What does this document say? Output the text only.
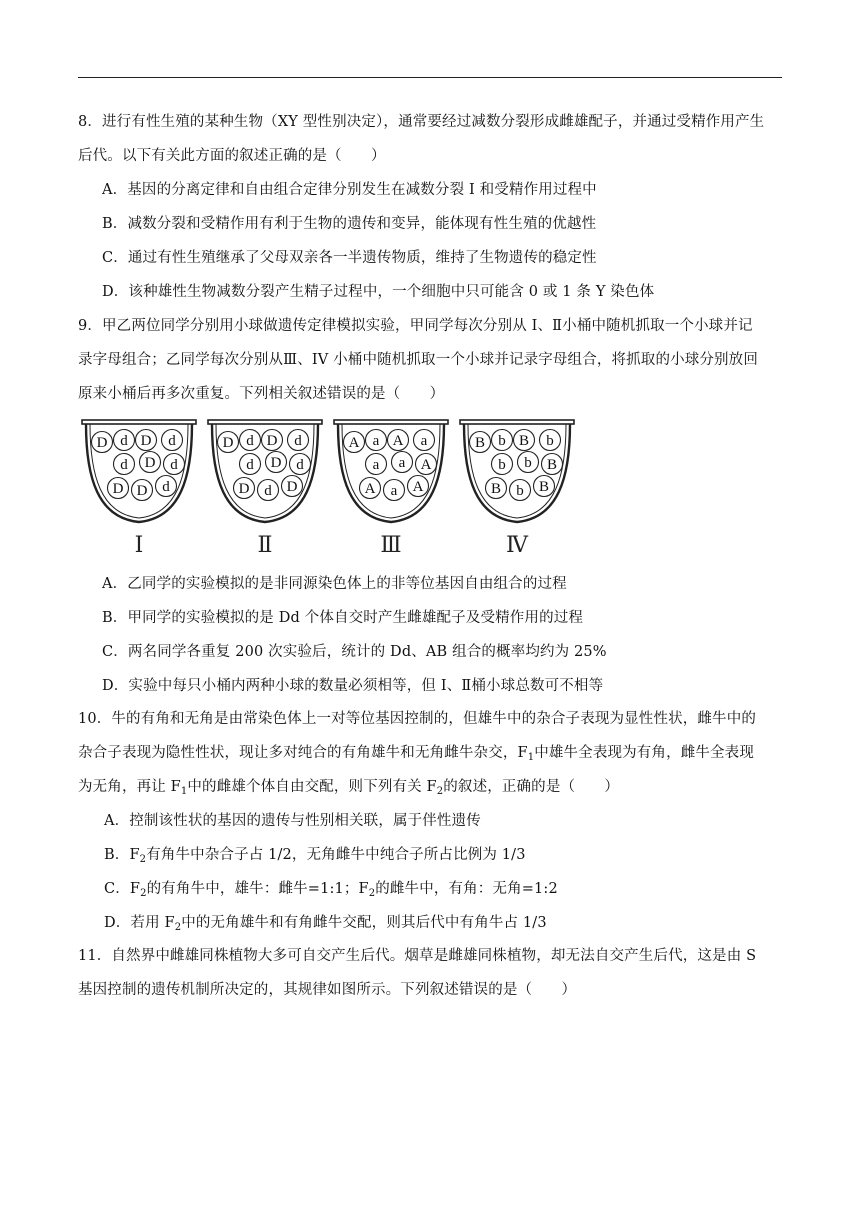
8．进行有性生殖的某种生物（XY 型性别决定），通常要经过减数分裂形成雌雄配子，并通过受精作用产生
后代。以下有关此方面的叙述正确的是（　　）
A．基因的分离定律和自由组合定律分别发生在减数分裂 I 和受精作用过程中
B．减数分裂和受精作用有利于生物的遗传和变异，能体现有性生殖的优越性
C．通过有性生殖继承了父母双亲各一半遗传物质，维持了生物遗传的稳定性
D．该种雄性生物减数分裂产生精子过程中，一个细胞中只可能含 0 或 1 条 Y 染色体
9．甲乙两位同学分别用小球做遗传定律模拟实验，甲同学每次分别从 I、Ⅱ小桶中随机抓取一个小球并记
录字母组合；乙同学每次分别从Ⅲ、IV 小桶中随机抓取一个小球并记录字母组合，将抓取的小球分别放回
原来小桶后再多次重复。下列相关叙述错误的是（　　）
D d D d
d D d
D D d
Ⅰ
D d D d
d D d
D d D
Ⅱ
A a A a
a a A
A a A
Ⅲ
B b B b
b b B
B b B
Ⅳ
A．乙同学的实验模拟的是非同源染色体上的非等位基因自由组合的过程
B．甲同学的实验模拟的是 Dd 个体自交时产生雌雄配子及受精作用的过程
C．两名同学各重复 200 次实验后，统计的 Dd、AB 组合的概率均约为 25%
D．实验中每只小桶内两种小球的数量必须相等，但 I、Ⅱ桶小球总数可不相等
10．牛的有角和无角是由常染色体上一对等位基因控制的，但雄牛中的杂合子表现为显性性状，雌牛中的
杂合子表现为隐性性状，现让多对纯合的有角雄牛和无角雌牛杂交，$F_1$中雄牛全表现为有角，雌牛全表现
为无角，再让 $F_1$中的雌雄个体自由交配，则下列有关 $F_2$的叙述，正确的是（　　）
A．控制该性状的基因的遗传与性别相关联，属于伴性遗传
B．$F_2$有角牛中杂合子占 1/2，无角雌牛中纯合子所占比例为 1/3
C．$F_2$的有角牛中，雄牛：雌牛=1:1；$F_2$的雌牛中，有角：无角=1:2
D．若用 $F_2$中的无角雄牛和有角雌牛交配，则其后代中有角牛占 1/3
11．自然界中雌雄同株植物大多可自交产生后代。烟草是雌雄同株植物，却无法自交产生后代，这是由 S
基因控制的遗传机制所决定的，其规律如图所示。下列叙述错误的是（　　）
